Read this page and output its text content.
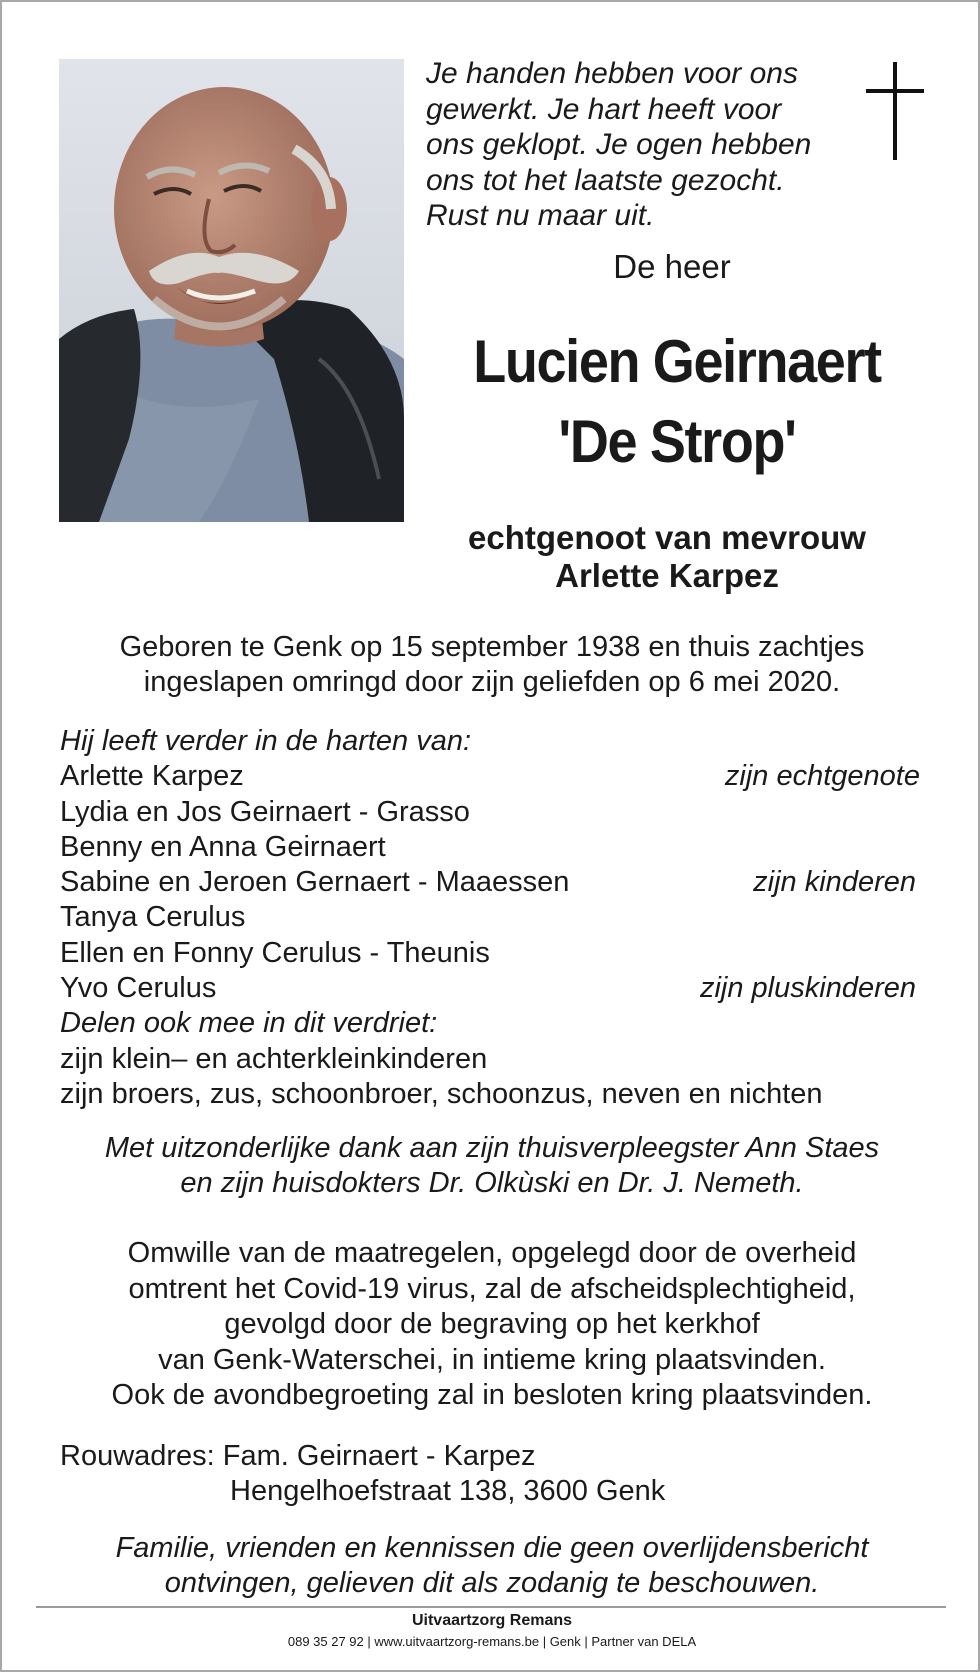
Je handen hebben voor ons
gewerkt. Je hart heeft voor
ons geklopt. Je ogen hebben
ons tot het laatste gezocht.
Rust nu maar uit.
De heer
Lucien Geirnaert
'De Strop'
echtgenoot van mevrouw
Arlette Karpez
Geboren te Genk op 15 september 1938 en thuis zachtjes
ingeslapen omringd door zijn geliefden op 6 mei 2020.
Hij leeft verder in de harten van:
Arlette Karpez	zijn echtgenote
Lydia en Jos Geirnaert - Grasso
Benny en Anna Geirnaert
Sabine en Jeroen Gernaert - Maaessen	zijn kinderen
Tanya Cerulus
Ellen en Fonny Cerulus - Theunis
Yvo Cerulus	zijn pluskinderen
Delen ook mee in dit verdriet:
zijn klein– en achterkleinkinderen
zijn broers, zus, schoonbroer, schoonzus, neven en nichten
Met uitzonderlijke dank aan zijn thuisverpleegster Ann Staes
en zijn huisdokters Dr. Olkùski en Dr. J. Nemeth.
Omwille van de maatregelen, opgelegd door de overheid
omtrent het Covid-19 virus, zal de afscheidsplechtigheid,
gevolgd door de begraving op het kerkhof
van Genk-Waterschei, in intieme kring plaatsvinden.
Ook de avondbegroeting zal in besloten kring plaatsvinden.
Rouwadres: Fam. Geirnaert - Karpez
Hengelhoefstraat 138, 3600 Genk
Familie, vrienden en kennissen die geen overlijdensbericht
ontvingen, gelieven dit als zodanig te beschouwen.
Uitvaartzorg Remans
089 35 27 92 | www.uitvaartzorg-remans.be | Genk | Partner van DELA
